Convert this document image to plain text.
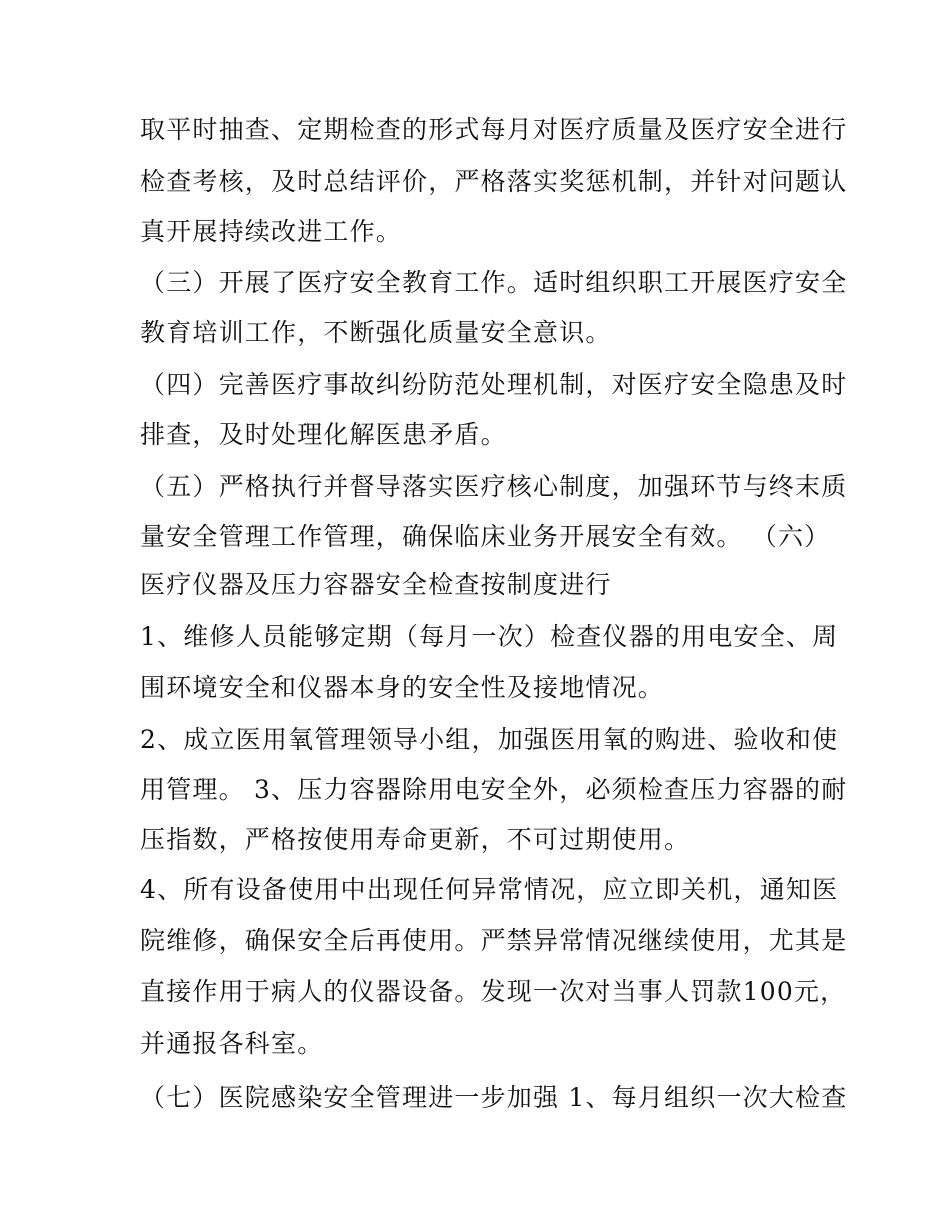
取平时抽查、定期检查的形式每月对医疗质量及医疗安全进行
检查考核，及时总结评价，严格落实奖惩机制，并针对问题认
真开展持续改进工作。
（三）开展了医疗安全教育工作。适时组织职工开展医疗安全
教育培训工作，不断强化质量安全意识。
（四）完善医疗事故纠纷防范处理机制，对医疗安全隐患及时
排查，及时处理化解医患矛盾。
（五）严格执行并督导落实医疗核心制度，加强环节与终末质
量安全管理工作管理，确保临床业务开展安全有效。 （六）
医疗仪器及压力容器安全检查按制度进行
1、维修人员能够定期（每月一次）检查仪器的用电安全、周
围环境安全和仪器本身的安全性及接地情况。
2、成立医用氧管理领导小组，加强医用氧的购进、验收和使
用管理。 3、压力容器除用电安全外，必须检查压力容器的耐
压指数，严格按使用寿命更新，不可过期使用。
4、所有设备使用中出现任何异常情况，应立即关机，通知医
院维修，确保安全后再使用。严禁异常情况继续使用，尤其是
直接作用于病人的仪器设备。发现一次对当事人罚款100元，
并通报各科室。
（七）医院感染安全管理进一步加强 1、每月组织一次大检查
